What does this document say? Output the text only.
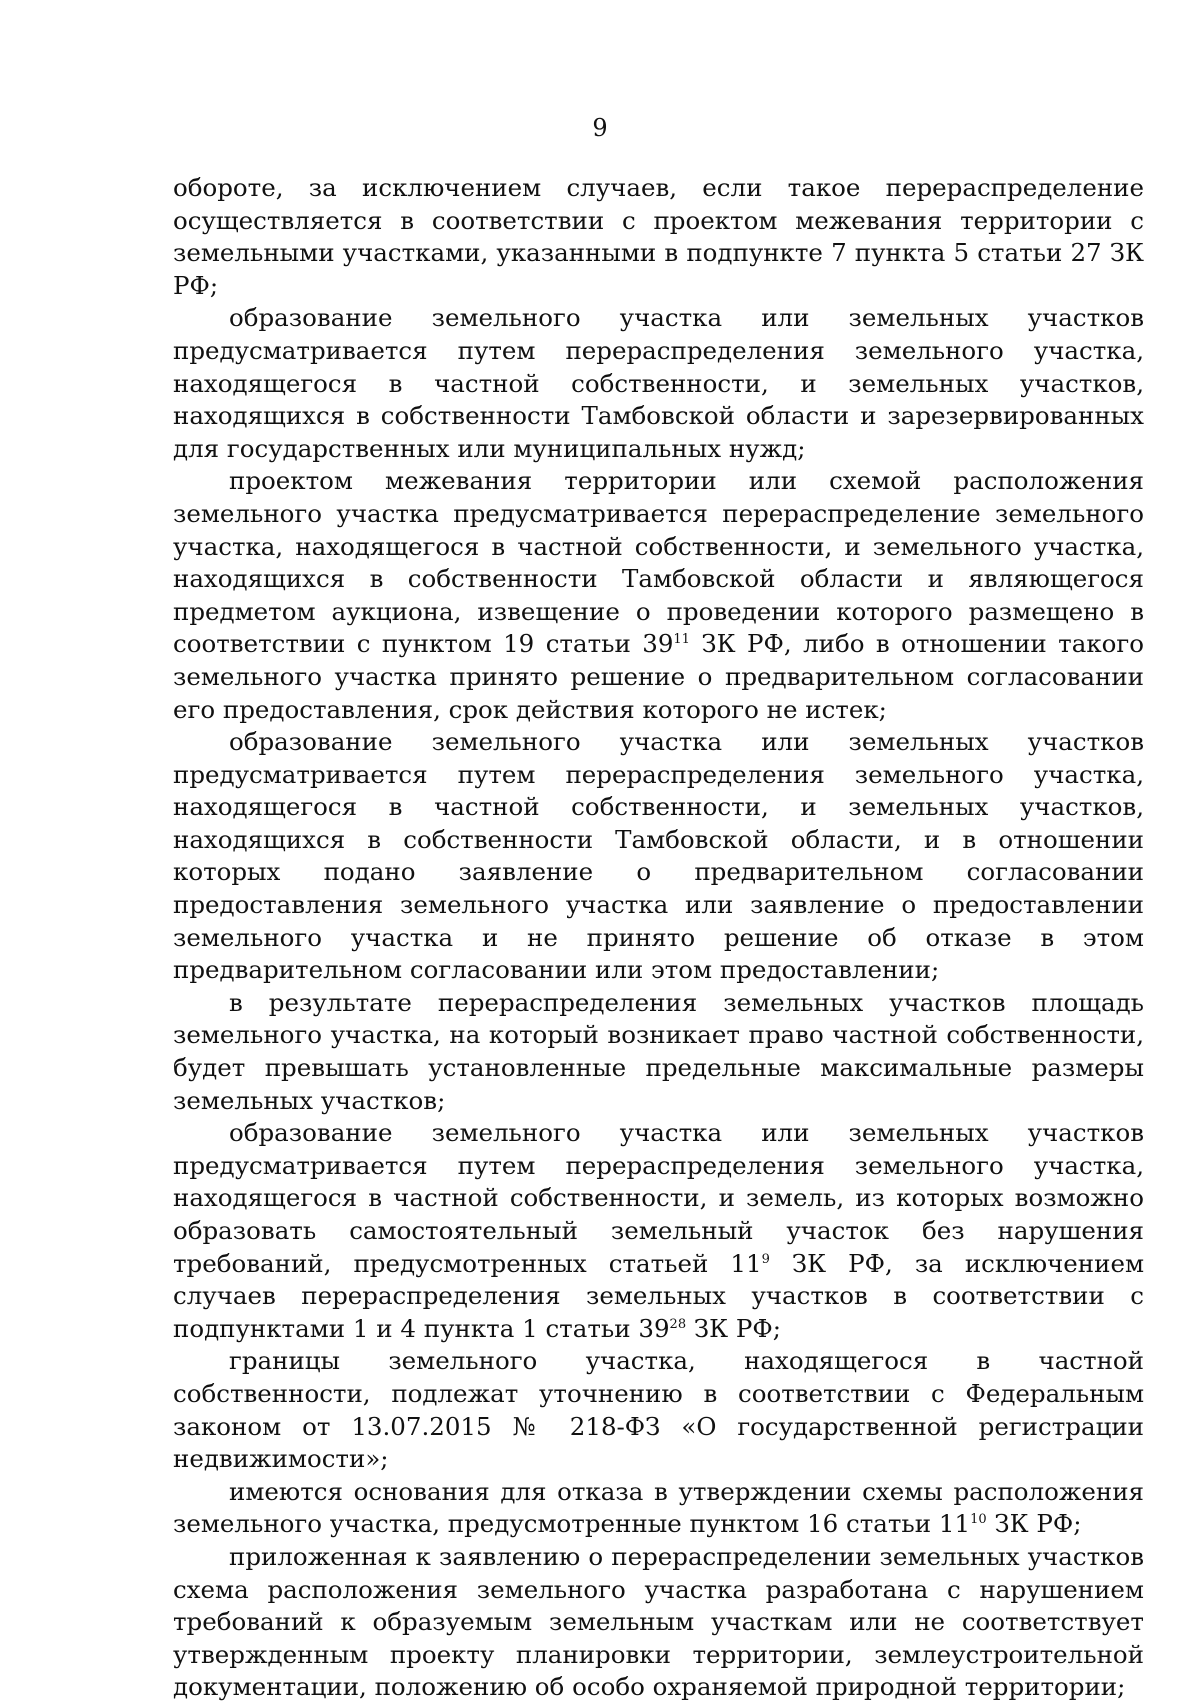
9

обороте, за исключением случаев, если такое перераспределение осуществляется в соответствии с проектом межевания территории с земельными участками, указанными в подпункте 7 пункта 5 статьи 27 ЗК РФ;

образование земельного участка или земельных участков предусматривается путем перераспределения земельного участка, находящегося в частной собственности, и земельных участков, находящихся в собственности Тамбовской области и зарезервированных для государственных или муниципальных нужд;

проектом межевания территории или схемой расположения земельного участка предусматривается перераспределение земельного участка, находящегося в частной собственности, и земельного участка, находящихся в собственности Тамбовской области и являющегося предметом аукциона, извещение о проведении которого размещено в соответствии с пунктом 19 статьи $39^{11}$ ЗК РФ, либо в отношении такого земельного участка принято решение о предварительном согласовании его предоставления, срок действия которого не истек;

образование земельного участка или земельных участков предусматривается путем перераспределения земельного участка, находящегося в частной собственности, и земельных участков, находящихся в собственности Тамбовской области, и в отношении которых подано заявление о предварительном согласовании предоставления земельного участка или заявление о предоставлении земельного участка и не принято решение об отказе в этом предварительном согласовании или этом предоставлении;

в результате перераспределения земельных участков площадь земельного участка, на который возникает право частной собственности, будет превышать установленные предельные максимальные размеры земельных участков;

образование земельного участка или земельных участков предусматривается путем перераспределения земельного участка, находящегося в частной собственности, и земель, из которых возможно образовать самостоятельный земельный участок без нарушения требований, предусмотренных статьей $11^9$ ЗК РФ, за исключением случаев перераспределения земельных участков в соответствии с подпунктами 1 и 4 пункта 1 статьи $39^{28}$ ЗК РФ;

границы земельного участка, находящегося в частной собственности, подлежат уточнению в соответствии с Федеральным законом от 13.07.2015 № 218-ФЗ «О государственной регистрации недвижимости»;

имеются основания для отказа в утверждении схемы расположения земельного участка, предусмотренные пунктом 16 статьи $11^{10}$ ЗК РФ;

приложенная к заявлению о перераспределении земельных участков схема расположения земельного участка разработана с нарушением требований к образуемым земельным участкам или не соответствует утвержденным проекту планировки территории, землеустроительной документации, положению об особо охраняемой природной территории;
